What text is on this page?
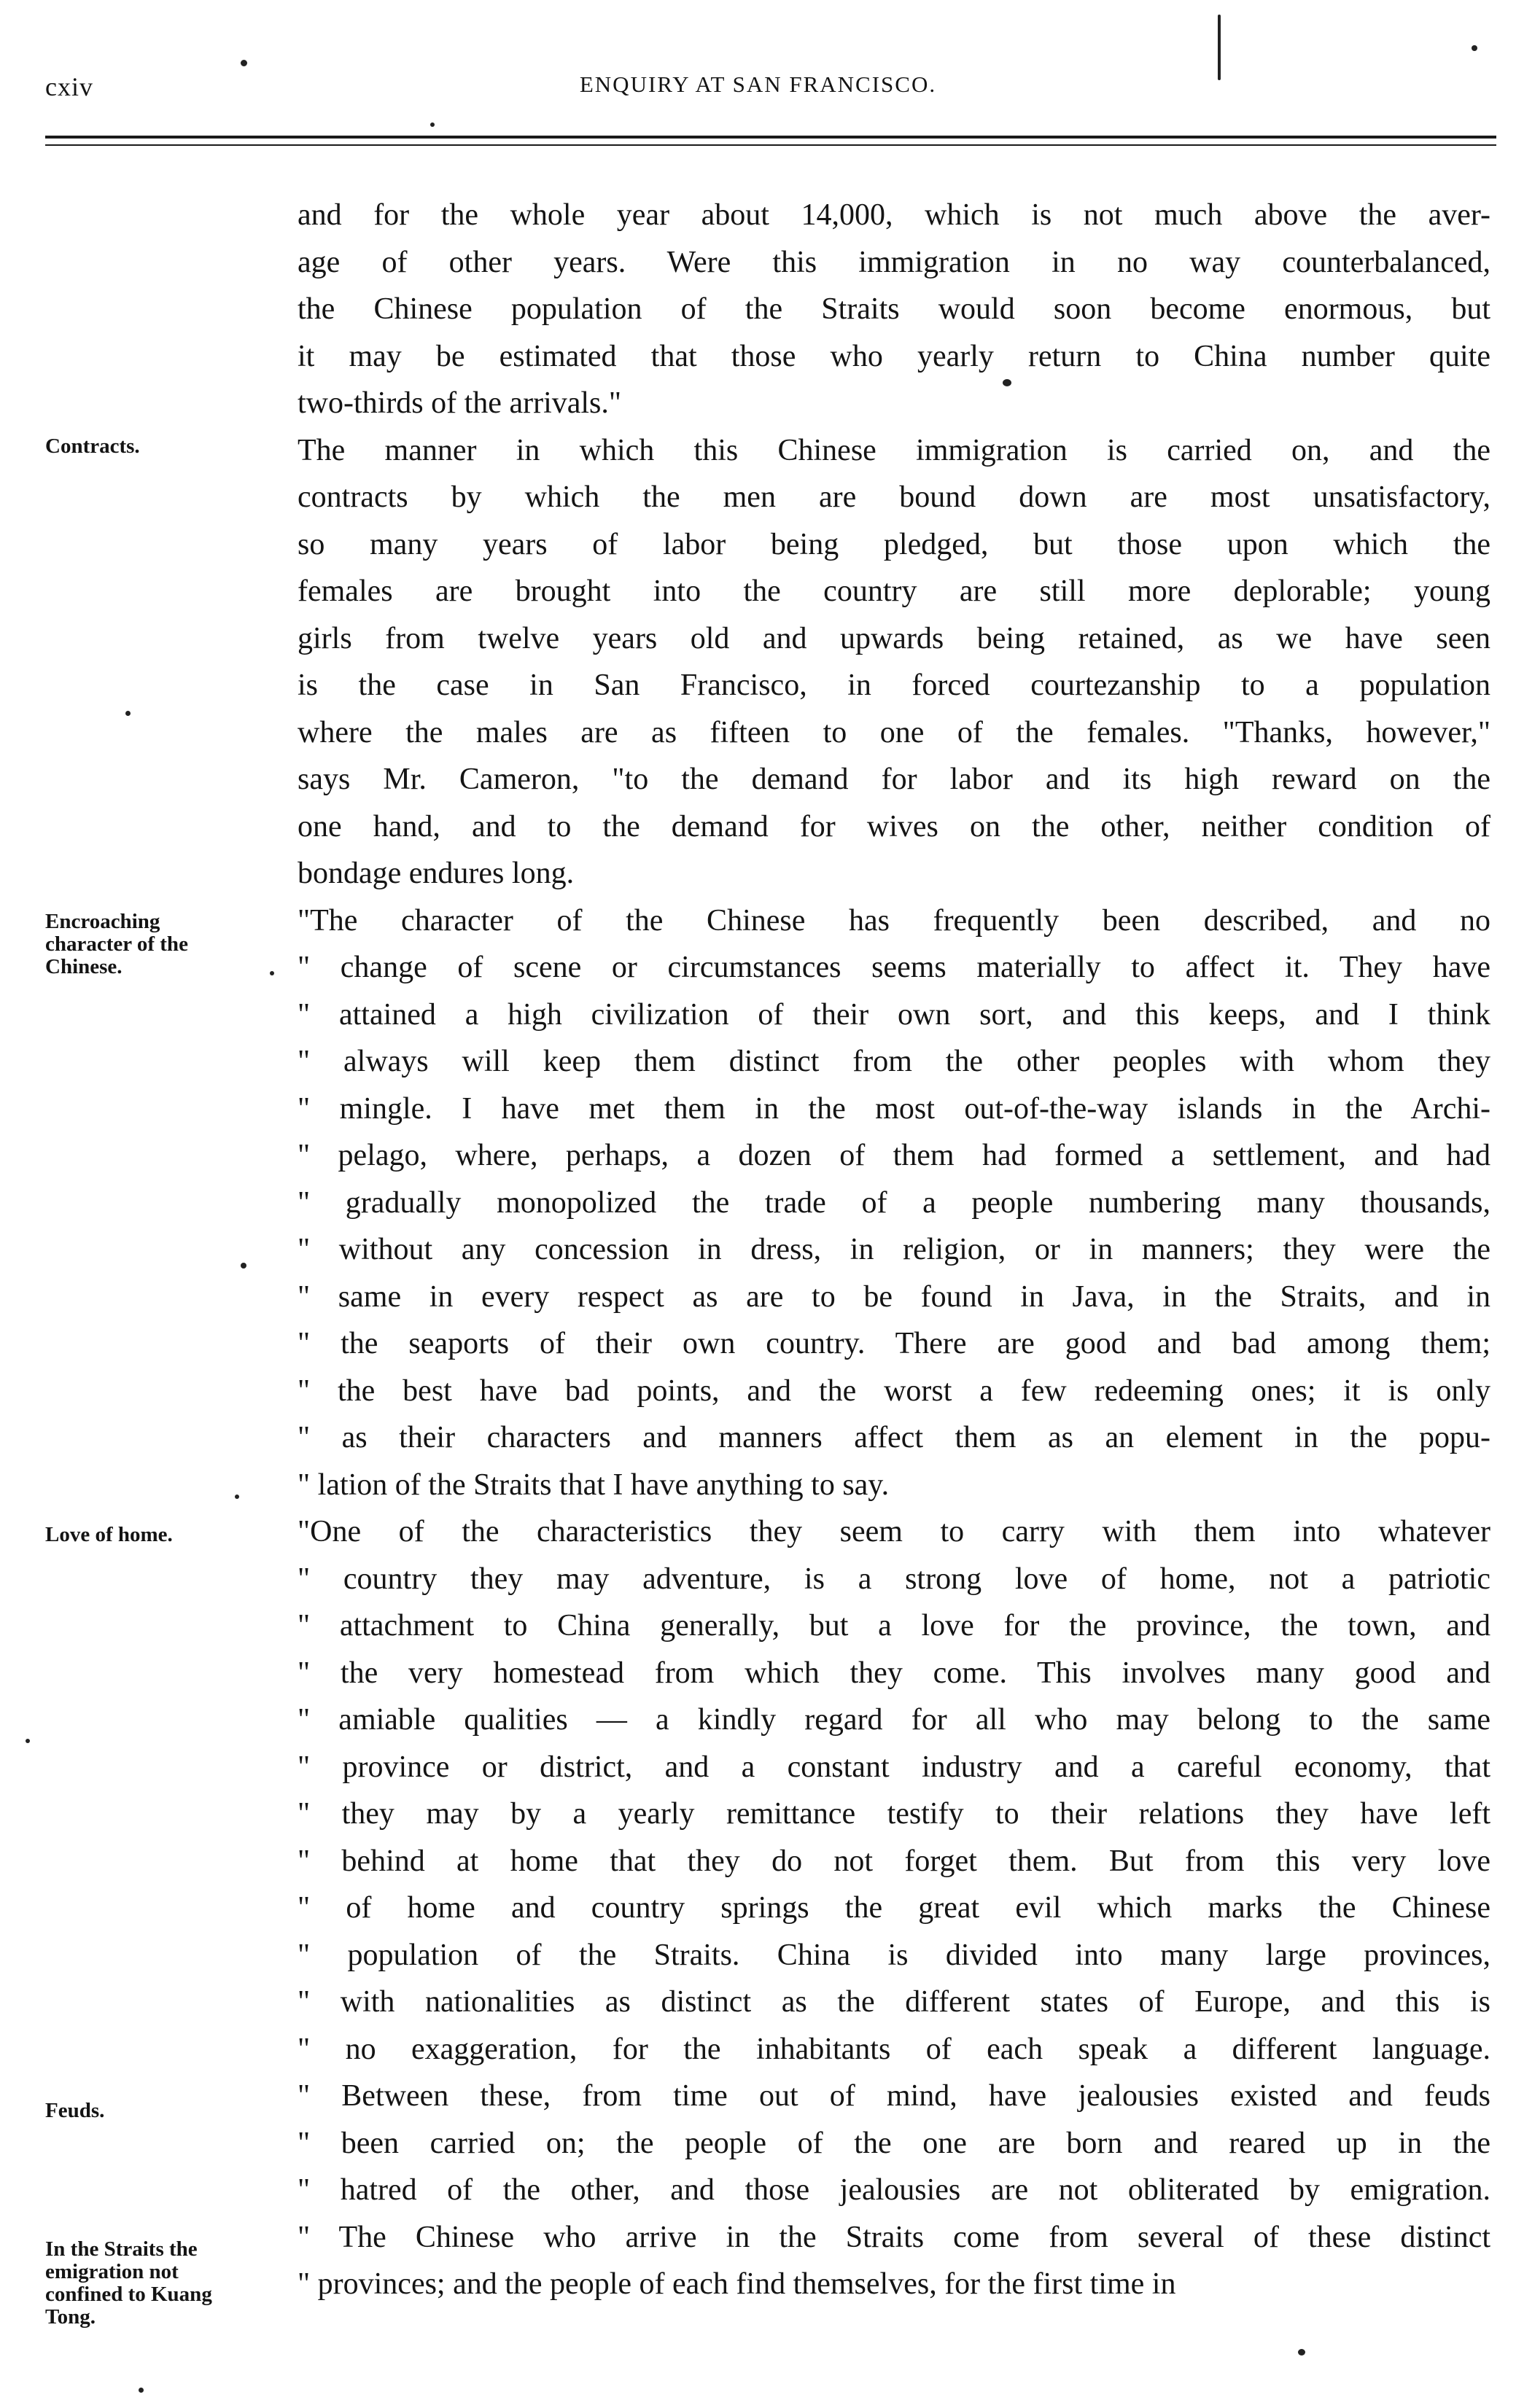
cxiv	ENQUIRY AT SAN FRANCISCO.
Contracts.
Encroaching
character of the
Chinese.
Love of home.
Feuds.
In the Straits the
emigration not
confined to Kuang
Tong.
and for the whole year about 14,000, which is not much above the aver-
age of other years. Were this immigration in no way counterbalanced,
the Chinese population of the Straits would soon become enormous, but
it may be estimated that those who yearly return to China number quite
two-thirds of the arrivals."
The manner in which this Chinese immigration is carried on, and the
contracts by which the men are bound down are most unsatisfactory,
so many years of labor being pledged, but those upon which the
females are brought into the country are still more deplorable; young
girls from twelve years old and upwards being retained, as we have seen
is the case in San Francisco, in forced courtezanship to a population
where the males are as fifteen to one of the females. "Thanks, however,"
says Mr. Cameron, "to the demand for labor and its high reward on the
one hand, and to the demand for wives on the other, neither condition of
bondage endures long.
"The character of the Chinese has frequently been described, and no
" change of scene or circumstances seems materially to affect it. They have
" attained a high civilization of their own sort, and this keeps, and I think
" always will keep them distinct from the other peoples with whom they
" mingle. I have met them in the most out-of-the-way islands in the Archi-
" pelago, where, perhaps, a dozen of them had formed a settlement, and had
" gradually monopolized the trade of a people numbering many thousands,
" without any concession in dress, in religion, or in manners; they were the
" same in every respect as are to be found in Java, in the Straits, and in
" the seaports of their own country. There are good and bad among them;
" the best have bad points, and the worst a few redeeming ones; it is only
" as their characters and manners affect them as an element in the popu-
" lation of the Straits that I have anything to say.
"One of the characteristics they seem to carry with them into whatever
" country they may adventure, is a strong love of home, not a patriotic
" attachment to China generally, but a love for the province, the town, and
" the very homestead from which they come. This involves many good and
" amiable qualities — a kindly regard for all who may belong to the same
" province or district, and a constant industry and a careful economy, that
" they may by a yearly remittance testify to their relations they have left
" behind at home that they do not forget them. But from this very love
" of home and country springs the great evil which marks the Chinese
" population of the Straits. China is divided into many large provinces,
" with nationalities as distinct as the different states of Europe, and this is
" no exaggeration, for the inhabitants of each speak a different language.
" Between these, from time out of mind, have jealousies existed and feuds
" been carried on; the people of the one are born and reared up in the
" hatred of the other, and those jealousies are not obliterated by emigration.
" The Chinese who arrive in the Straits come from several of these distinct
" provinces; and the people of each find themselves, for the first time in
